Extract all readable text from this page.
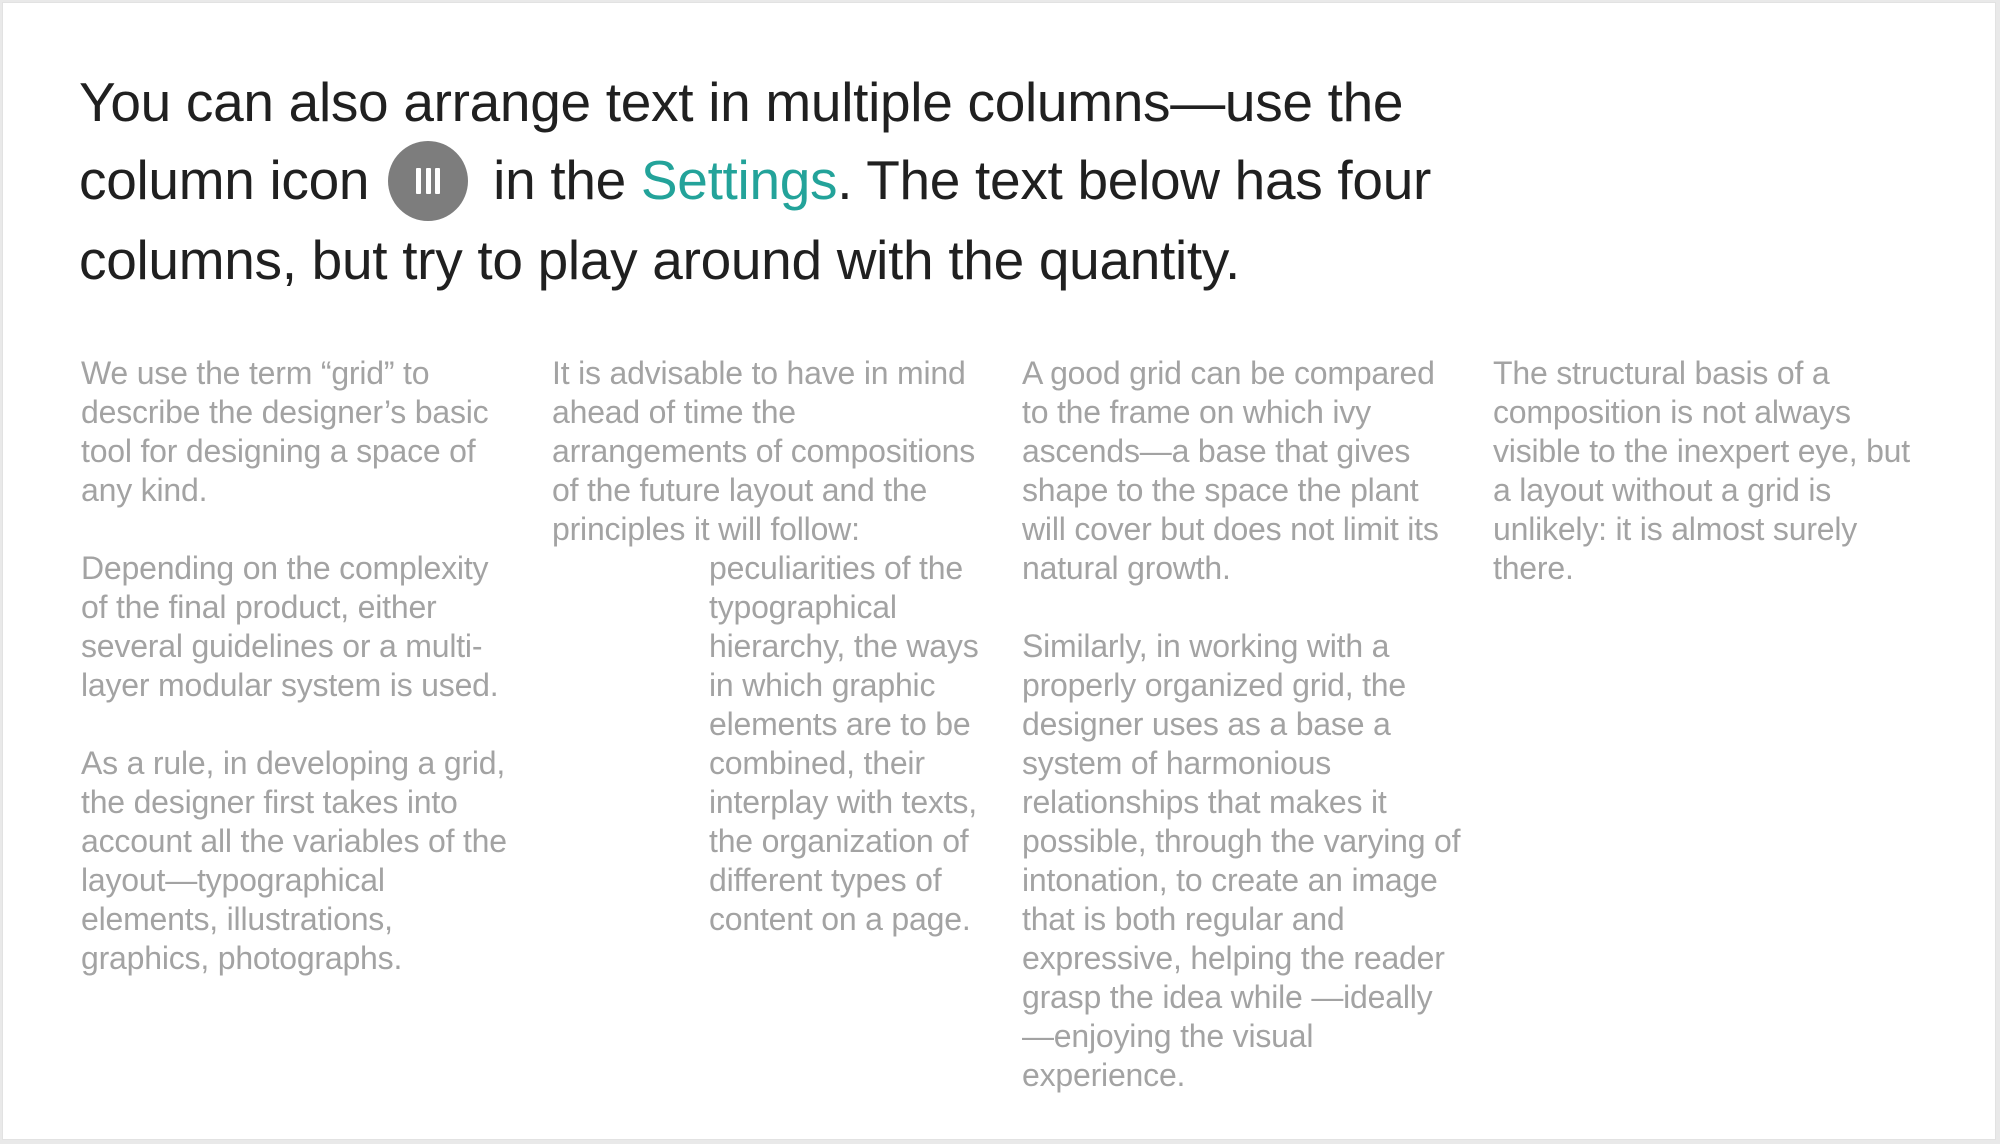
You can also arrange text in multiple columns—use the column icon in the Settings. The text below has four columns, but try to play around with the quantity.

We use the term “grid” to describe the designer’s basic tool for designing a space of any kind.

Depending on the complexity of the final product, either several guidelines or a multi-layer modular system is used.

As a rule, in developing a grid, the designer first takes into account all the variables of the layout—typographical elements, illustrations, graphics, photographs.

It is advisable to have in mind ahead of time the arrangements of compositions of the future layout and the principles it will follow:

peculiarities of the typographical hierarchy, the ways in which graphic elements are to be combined, their interplay with texts, the organization of different types of content on a page.

A good grid can be compared to the frame on which ivy ascends—a base that gives shape to the space the plant will cover but does not limit its natural growth.

Similarly, in working with a properly organized grid, the designer uses as a base a system of harmonious relationships that makes it possible, through the varying of intonation, to create an image that is both regular and expressive, helping the reader grasp the idea while —ideally—enjoying the visual experience.

The structural basis of a composition is not always visible to the inexpert eye, but a layout without a grid is unlikely: it is almost surely there.
